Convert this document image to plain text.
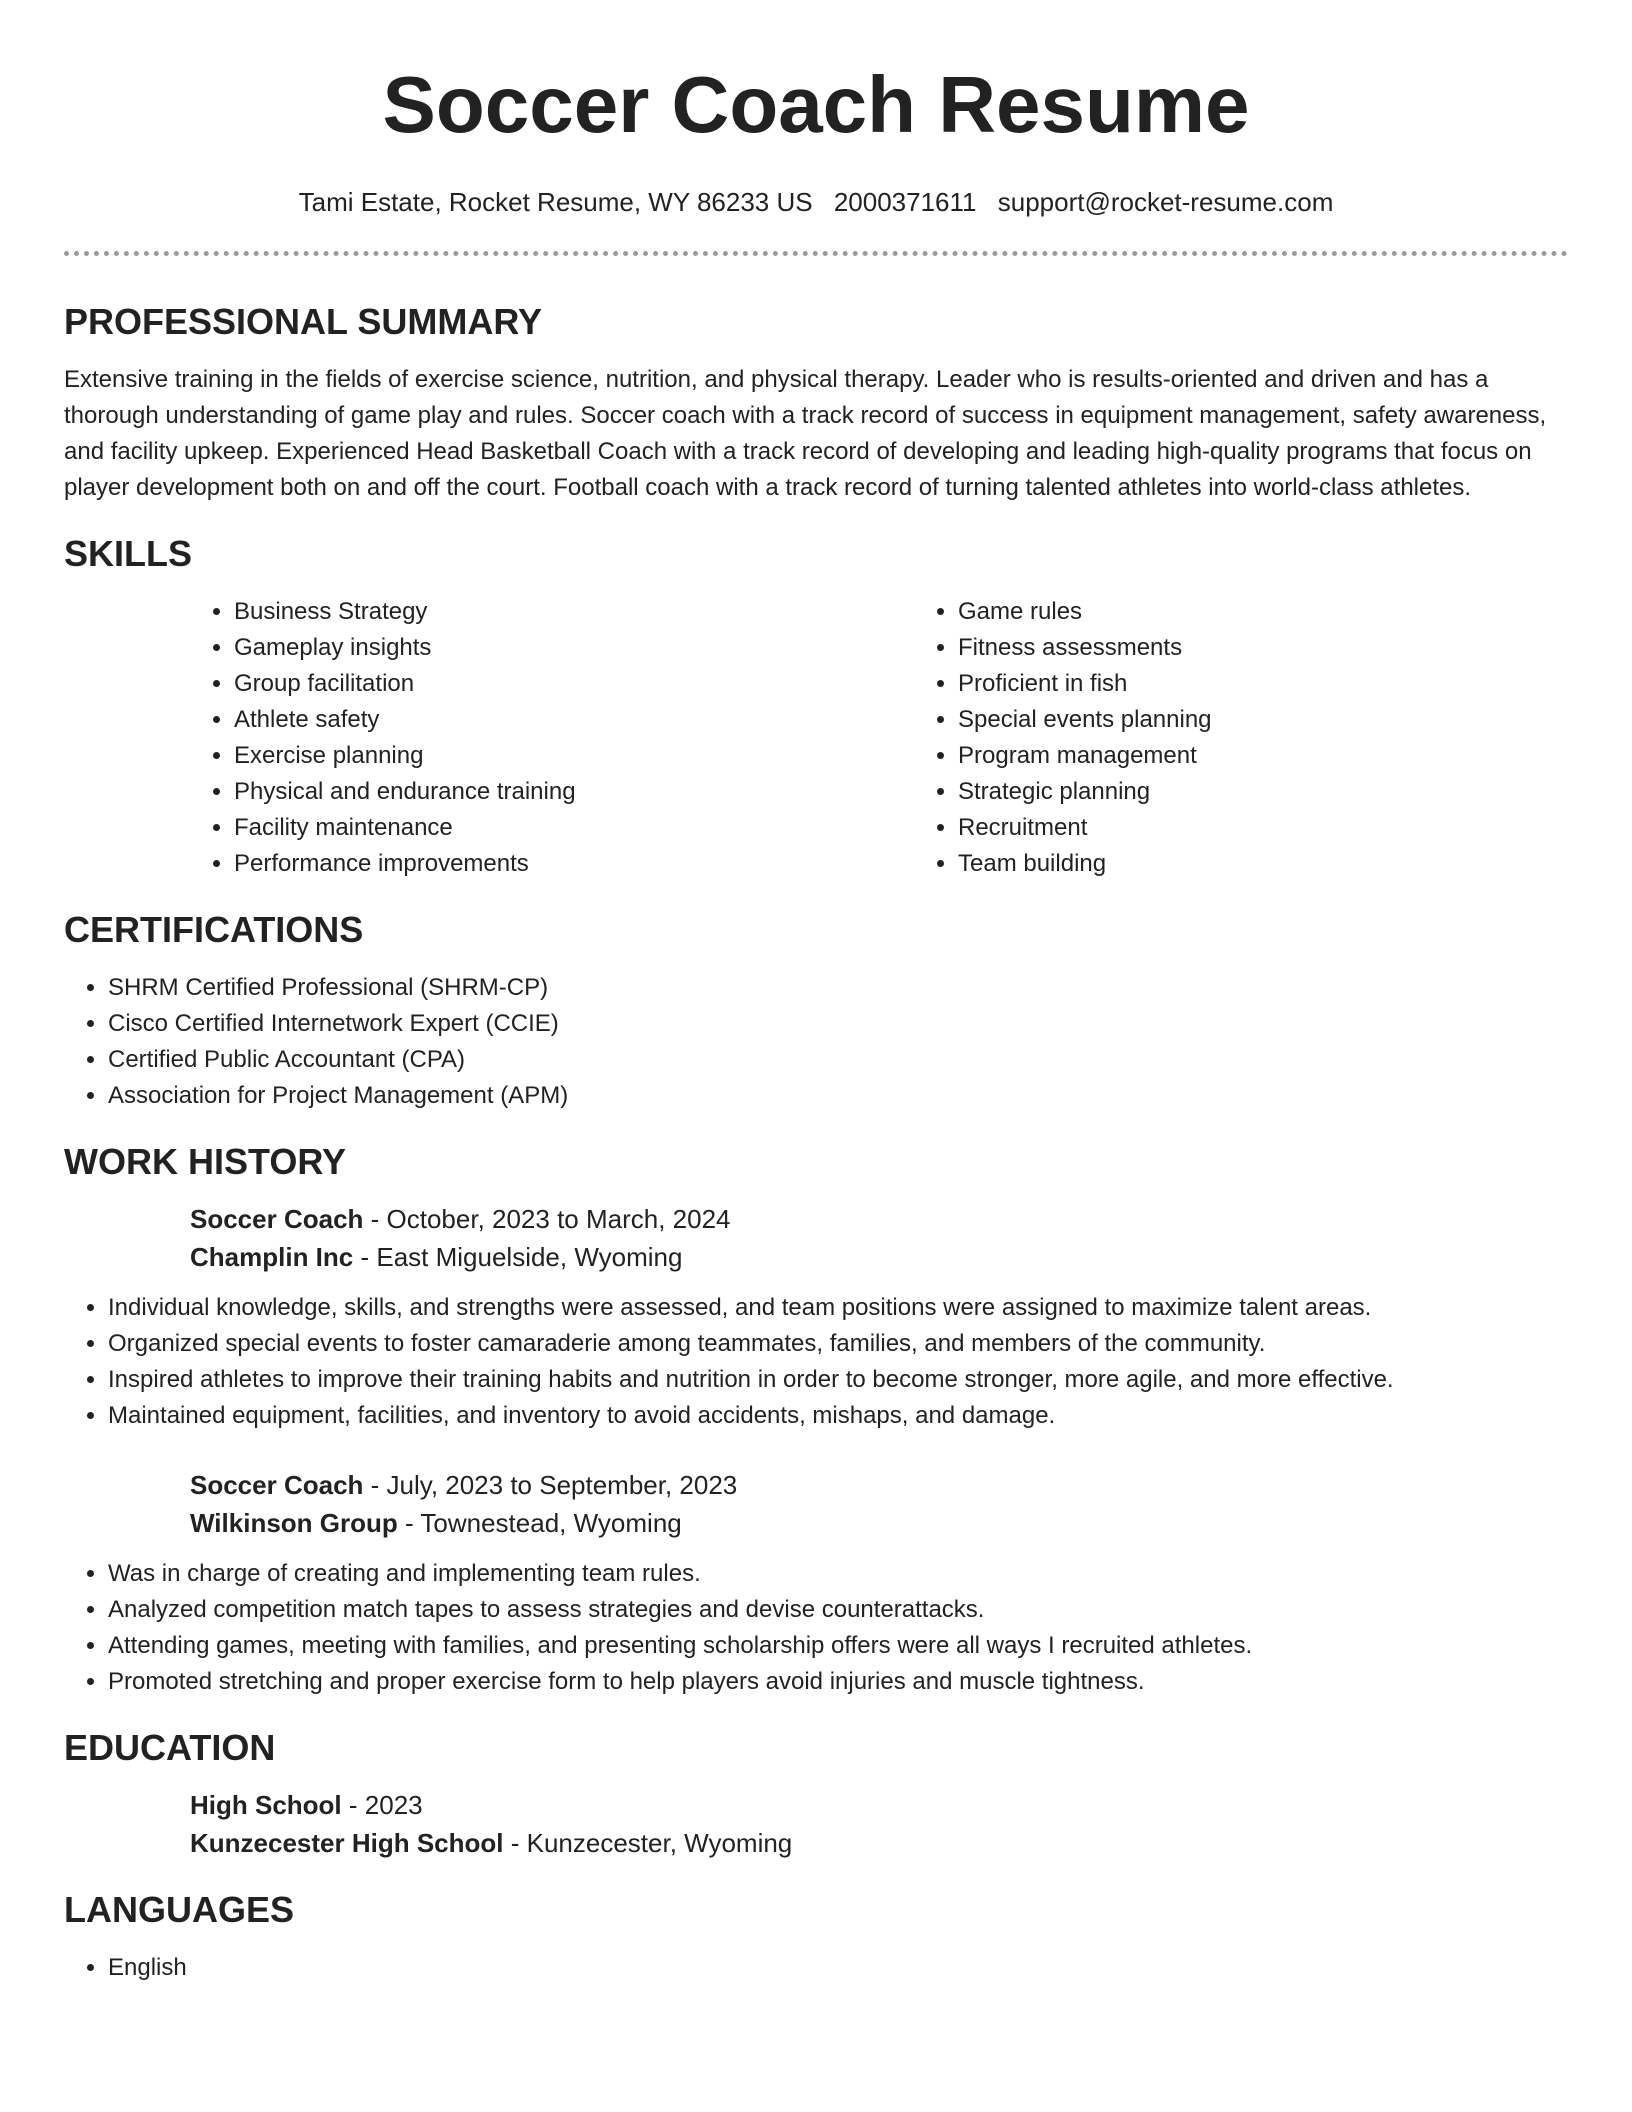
Soccer Coach Resume
Tami Estate, Rocket Resume, WY 86233 US 2000371611 support@rocket-resume.com
PROFESSIONAL SUMMARY

Extensive training in the fields of exercise science, nutrition, and physical therapy. Leader who is results-oriented and driven and has a thorough understanding of game play and rules. Soccer coach with a track record of success in equipment management, safety awareness, and facility upkeep. Experienced Head Basketball Coach with a track record of developing and leading high-quality programs that focus on player development both on and off the court. Football coach with a track record of turning talented athletes into world-class athletes.

SKILLS
• Business Strategy
• Gameplay insights
• Group facilitation
• Athlete safety
• Exercise planning
• Physical and endurance training
• Facility maintenance
• Performance improvements
• Game rules
• Fitness assessments
• Proficient in fish
• Special events planning
• Program management
• Strategic planning
• Recruitment
• Team building
CERTIFICATIONS
• SHRM Certified Professional (SHRM-CP)
• Cisco Certified Internetwork Expert (CCIE)
• Certified Public Accountant (CPA)
• Association for Project Management (APM)
WORK HISTORY

Soccer Coach - October, 2023 to March, 2024

Champlin Inc - East Miguelside, Wyoming

• Individual knowledge, skills, and strengths were assessed, and team positions were assigned to maximize talent areas.
• Organized special events to foster camaraderie among teammates, families, and members of the community.
• Inspired athletes to improve their training habits and nutrition in order to become stronger, more agile, and more effective.
• Maintained equipment, facilities, and inventory to avoid accidents, mishaps, and damage.

Soccer Coach - July, 2023 to September, 2023

Wilkinson Group - Townestead, Wyoming

• Was in charge of creating and implementing team rules.
• Analyzed competition match tapes to assess strategies and devise counterattacks.
• Attending games, meeting with families, and presenting scholarship offers were all ways I recruited athletes.
• Promoted stretching and proper exercise form to help players avoid injuries and muscle tightness.
EDUCATION

High School - 2023

Kunzecester High School - Kunzecester, Wyoming

LANGUAGES
• English
